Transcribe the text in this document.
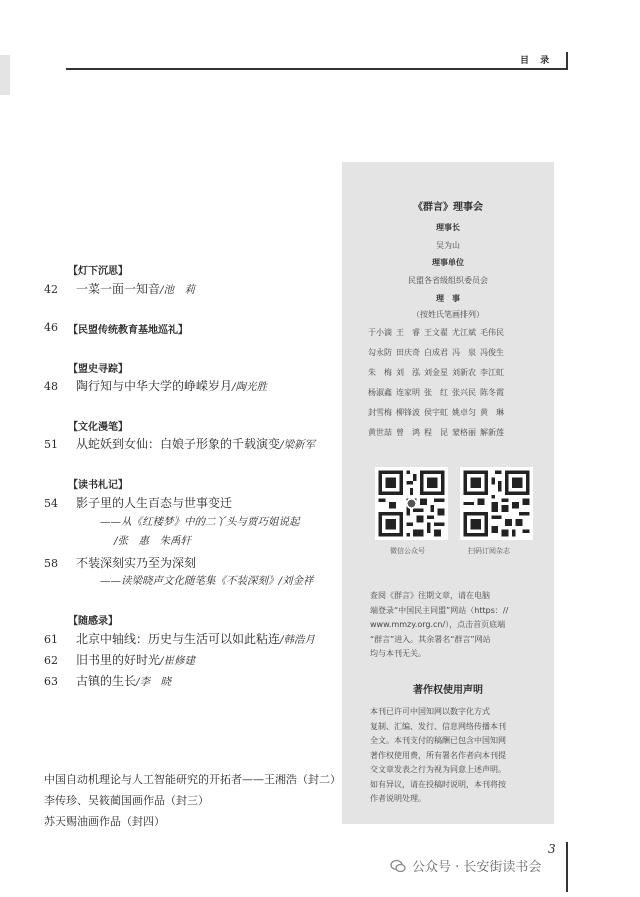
目 录
【灯下沉思】
42 一菜一面一知音/池　莉
46	【民盟传统教育基地巡礼】
【盟史寻踪】
48 陶行知与中华大学的峥嵘岁月/陶光胜
【文化漫笔】
51 从蛇妖到女仙：白娘子形象的千载演变/梁新军
【读书札记】
54 影子里的人生百态与世事变迁
——从《红楼梦》中的二丫头与贾巧姐说起
/张　惠　朱禹轩
58 不装深刻实乃至为深刻
——读梁晓声文化随笔集《不装深刻》/刘金祥
【随感录】
61 北京中轴线：历史与生活可以如此粘连/韩浩月
62 旧书里的好时光/崔修建
63 古镇的生长/李　晓
中国自动机理论与人工智能研究的开拓者——王湘浩（封二）
李传珍、吴筱蔺国画作品（封三）
苏天赐油画作品（封四）
《群言》理事会
理事长
吴为山
理事单位
民盟各省级组织委员会
理　事
（按姓氏笔画排列）
于小滴 王　睿 王文翟 尤江斌 毛伟民
勾永防 田庆奇 白成君 冯　泉 冯俊生
朱　梅 刘　泓 刘金星 刘新农 李江虹
杨淑鑫 连家明 张　红 张兴民 陈冬霞
封雪梅 柳锋波 侯宇虹 姚卓匀 黄　琳
黄世喆 曾　鸿 程　昆 蒙格丽 解新莲
微信公众号	扫码订阅杂志
查阅《群言》往期文章，请在电脑
端登录“中国民主同盟”网站（https：//
www.mmzy.org.cn/），点击首页底端
“群言”进入。其余署名“群言”网站
均与本刊无关。
著作权使用声明
本刊已许可中国知网以数字化方式
复制、汇编、发行、信息网络传播本刊
全文。本刊支付的稿酬已包含中国知网
著作权使用费，所有署名作者向本刊提
交文章发表之行为视为同意上述声明。
如有异议，请在投稿时说明，本刊将按
作者说明处理。
3
公众号 · 长安街读书会
